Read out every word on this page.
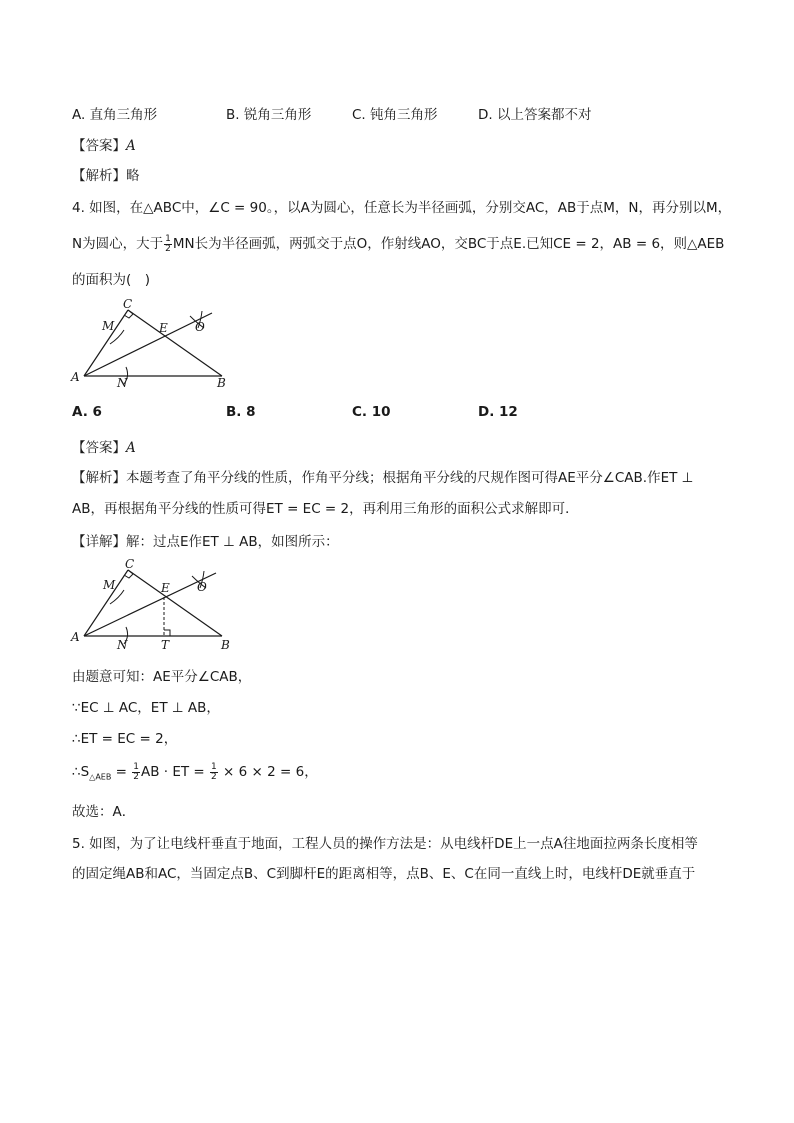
A. 直角三角形	B. 锐角三角形	C. 钝角三角形	D. 以上答案都不对
【答案】A
【解析】略
4. 如图，在△ABC中，∠C = 90。，以A为圆心，任意长为半径画弧，分别交AC，AB于点M，N，再分别以M，
N为圆心，大于 $\frac{1}{2}$ MN长为半径画弧，两弧交于点O，作射线AO，交BC于点E.已知CE = 2，AB = 6，则△AEB
的面积为(　)
C
M	E O
A	N	B
A. 6	B. 8	C. 10	D. 12
【答案】A
【解析】本题考查了角平分线的性质，作角平分线；根据角平分线的尺规作图可得AE平分∠CAB.作ET ⊥
AB，再根据角平分线的性质可得ET = EC = 2，再利用三角形的面积公式求解即可．
【详解】解：过点E作ET ⊥ AB，如图所示：
C
M	E O
A
N	T	B
由题意可知：AE平分∠CAB，
∵EC ⊥ AC，ET ⊥ AB，
∴ET = EC = 2，
$\therefore S_{\triangle AEB} = \frac{1}{2}$ AB · ET = $\frac{1}{2} \times 6 \times 2 = 6$，
故选：A．
5. 如图，为了让电线杆垂直于地面，工程人员的操作方法是：从电线杆DE上一点A往地面拉两条长度相等
的固定绳AB和AC，当固定点B、C到脚杆E的距离相等，点B、E、C在同一直线上时，电线杆DE就垂直于
